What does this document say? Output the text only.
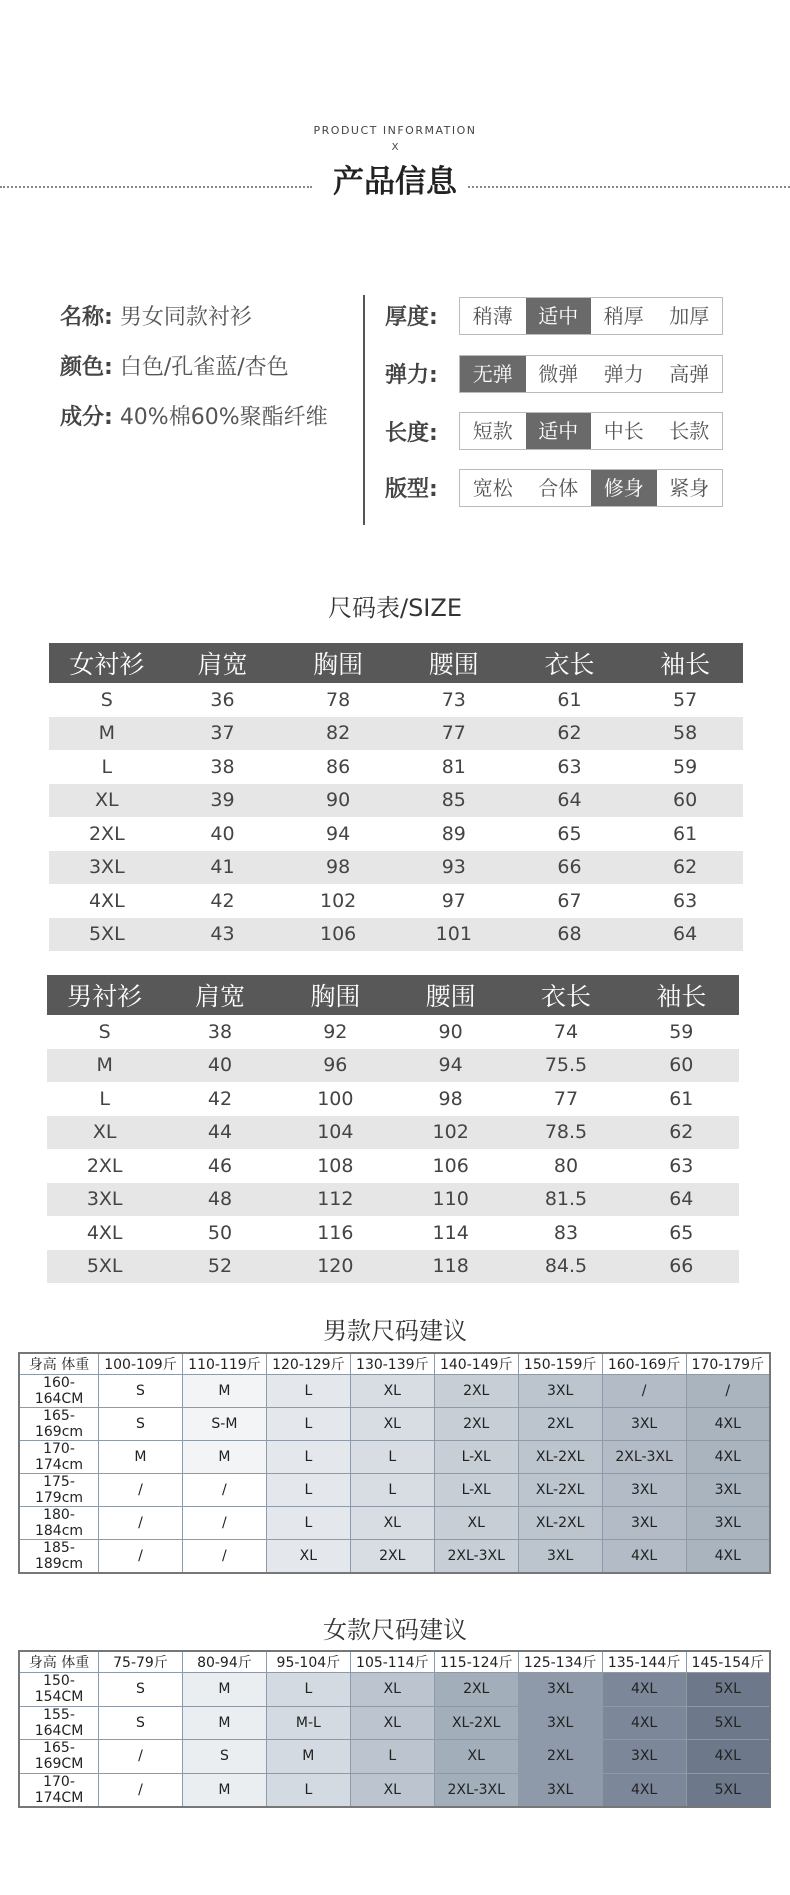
PRODUCT INFORMATION
X
产品信息
名称: 男女同款衬衫
颜色: 白色/孔雀蓝/杏色
成分: 40%棉60%聚酯纤维
厚度:	稍薄	适中	稍厚	加厚
弹力:	无弹	微弹	弹力	高弹
长度:	短款	适中	中长	长款
版型:	宽松	合体	修身	紧身
尺码表/SIZE
女衬衫	肩宽	胸围	腰围	衣长	袖长
S	36	78	73	61	57
M	37	82	77	62	58
L	38	86	81	63	59
XL	39	90	85	64	60
2XL	40	94	89	65	61
3XL	41	98	93	66	62
4XL	42	102	97	67	63
5XL	43	106	101	68	64
男衬衫	肩宽	胸围	腰围	衣长	袖长
S	38	92	90	74	59
M	40	96	94	75.5	60
L	42	100	98	77	61
XL	44	104	102	78.5	62
2XL	46	108	106	80	63
3XL	48	112	110	81.5	64
4XL	50	116	114	83	65
5XL	52	120	118	84.5	66
男款尺码建议
身高 体重	100-109斤	110-119斤	120-129斤	130-139斤	140-149斤	150-159斤	160-169斤	170-179斤
160-164CM	S	M	L	XL	2XL	3XL	/	/
165-169cm	S	S-M	L	XL	2XL	2XL	3XL	4XL
170-174cm	M	M	L	L	L-XL	XL-2XL	2XL-3XL	4XL
175-179cm	/	/	L	L	L-XL	XL-2XL	3XL	3XL
180-184cm	/	/	L	XL	XL	XL-2XL	3XL	3XL
185-189cm	/	/	XL	2XL	2XL-3XL	3XL	4XL	4XL
女款尺码建议
身高 体重	75-79斤	80-94斤	95-104斤	105-114斤	115-124斤	125-134斤	135-144斤	145-154斤
150-154CM	S	M	L	XL	2XL	3XL	4XL	5XL
155-164CM	S	M	M-L	XL	XL-2XL	3XL	4XL	5XL
165-169CM	/	S	M	L	XL	2XL	3XL	4XL
170-174CM	/	M	L	XL	2XL-3XL	3XL	4XL	5XL
